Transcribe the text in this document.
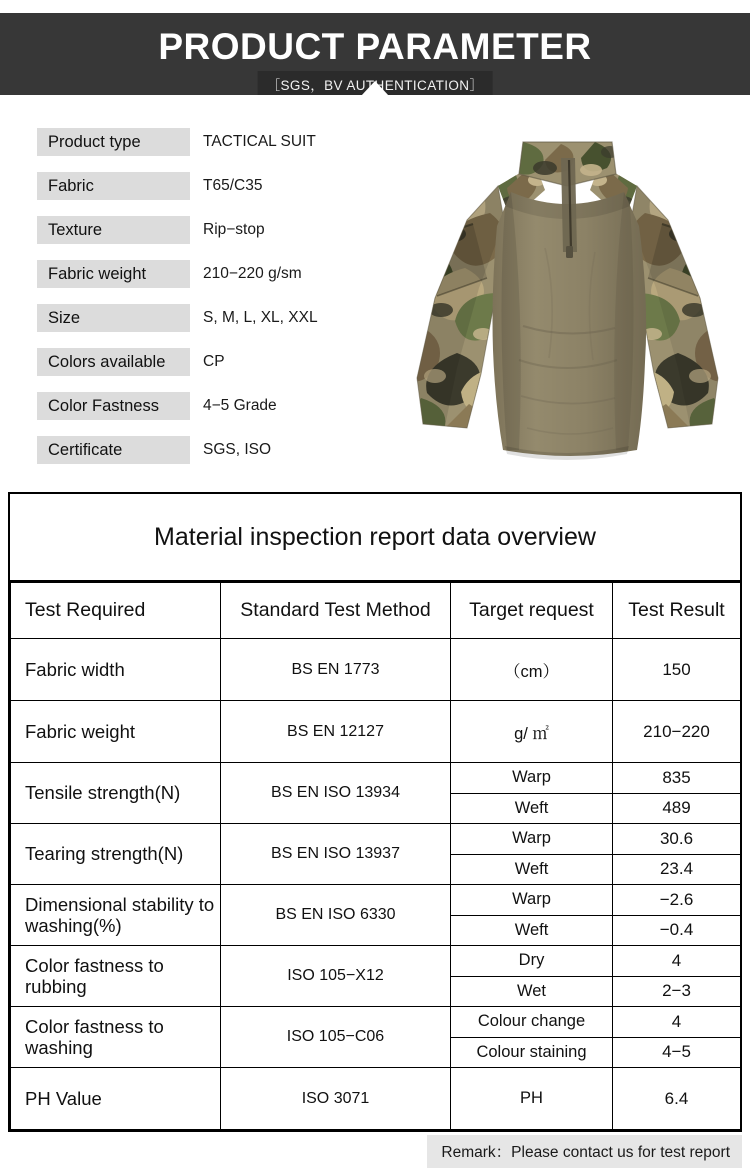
PRODUCT PARAMETER
［SGS，BV AUTHENTICATION］
Product type	TACTICAL SUIT
Fabric	T65/C35
Texture	Rip−stop
Fabric weight	210−220 g/sm
Size	S, M, L, XL, XXL
Colors available	CP
Color Fastness	4−5 Grade
Certificate	SGS, ISO
Material inspection report data overview
Test Required	Standard Test Method	Target request	Test Result
Fabric width	BS EN 1773	（cm）	150
Fabric weight	BS EN 12127	g/ ㎡	210−220
Tensile strength(N)	BS EN ISO 13934	Warp	835
		Weft	489
Tearing strength(N)	BS EN ISO 13937	Warp	30.6
		Weft	23.4
Dimensional stability to washing(%)	BS EN ISO 6330	Warp	−2.6
		Weft	−0.4
Color fastness to rubbing	ISO 105−X12	Dry	4
		Wet	2−3
Color fastness to washing	ISO 105−C06	Colour change	4
		Colour staining	4−5
PH Value	ISO 3071	PH	6.4
Remark：Please contact us for test report
